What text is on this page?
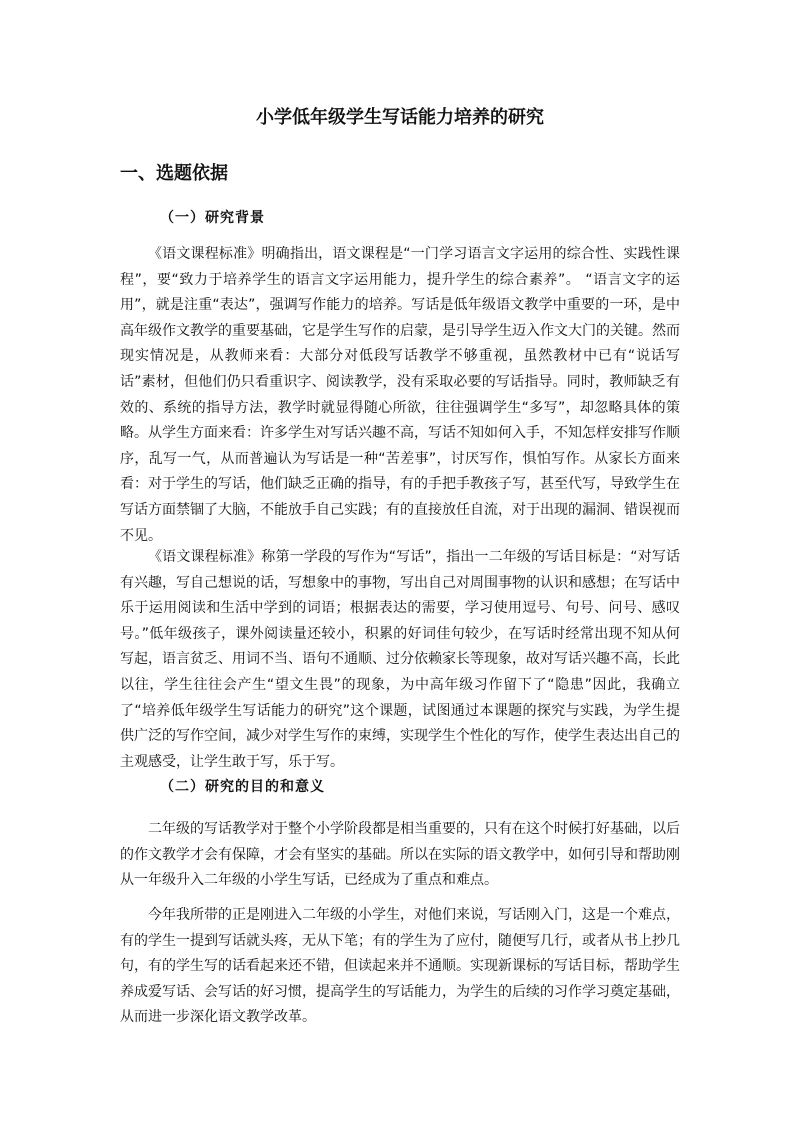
小学低年级学生写话能力培养的研究
一、选题依据
（一）研究背景

《语文课程标准》明确指出，语文课程是“一门学习语言文字运用的综合性、实践性课程”，要“致力于培养学生的语言文字运用能力，提升学生的综合素养”。 “语言文字的运用”，就是注重“表达”，强调写作能力的培养。写话是低年级语文教学中重要的一环，是中高年级作文教学的重要基础，它是学生写作的启蒙，是引导学生迈入作文大门的关键。然而现实情况是，从教师来看：大部分对低段写话教学不够重视，虽然教材中已有“说话写话”素材，但他们仍只看重识字、阅读教学，没有采取必要的写话指导。同时，教师缺乏有效的、系统的指导方法，教学时就显得随心所欲，往往强调学生“多写”，却忽略具体的策略。从学生方面来看：许多学生对写话兴趣不高，写话不知如何入手，不知怎样安排写作顺序，乱写一气，从而普遍认为写话是一种“苦差事”，讨厌写作，惧怕写作。从家长方面来看：对于学生的写话，他们缺乏正确的指导，有的手把手教孩子写，甚至代写，导致学生在写话方面禁锢了大脑，不能放手自己实践；有的直接放任自流，对于出现的漏洞、错误视而不见。

《语文课程标准》称第一学段的写作为“写话”，指出一二年级的写话目标是：“对写话有兴趣，写自己想说的话，写想象中的事物，写出自己对周围事物的认识和感想；在写话中乐于运用阅读和生活中学到的词语；根据表达的需要，学习使用逗号、句号、问号、感叹号。”低年级孩子，课外阅读量还较小，积累的好词佳句较少，在写话时经常出现不知从何写起，语言贫乏、用词不当、语句不通顺、过分依赖家长等现象，故对写话兴趣不高，长此以往，学生往往会产生“望文生畏”的现象，为中高年级习作留下了“隐患”因此，我确立了“培养低年级学生写话能力的研究”这个课题，试图通过本课题的探究与实践，为学生提供广泛的写作空间，减少对学生写作的束缚，实现学生个性化的写作，使学生表达出自己的主观感受，让学生敢于写，乐于写。

（二）研究的目的和意义

二年级的写话教学对于整个小学阶段都是相当重要的，只有在这个时候打好基础，以后的作文教学才会有保障，才会有坚实的基础。所以在实际的语文教学中，如何引导和帮助刚从一年级升入二年级的小学生写话，已经成为了重点和难点。

今年我所带的正是刚进入二年级的小学生，对他们来说，写话刚入门，这是一个难点，有的学生一提到写话就头疼，无从下笔；有的学生为了应付，随便写几行，或者从书上抄几句，有的学生写的话看起来还不错，但读起来并不通顺。实现新课标的写话目标，帮助学生养成爱写话、会写话的好习惯，提高学生的写话能力，为学生的后续的习作学习奠定基础，从而进一步深化语文教学改革。
